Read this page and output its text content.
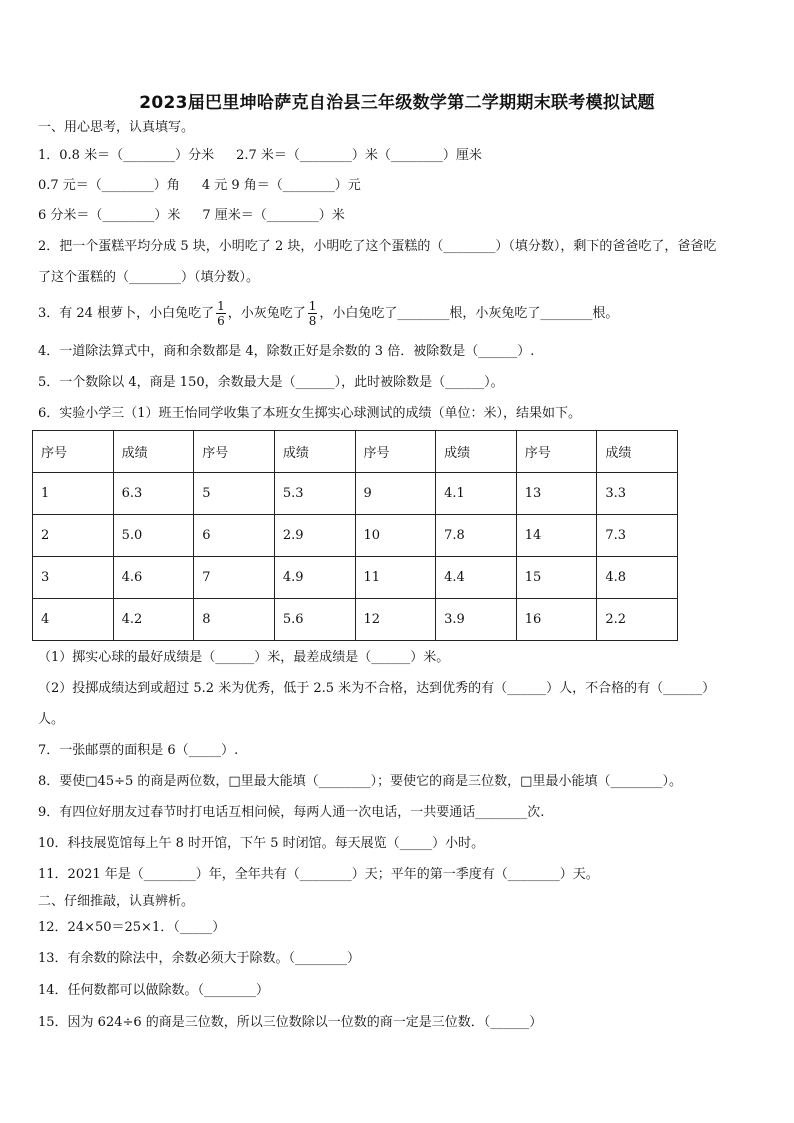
2023届巴里坤哈萨克自治县三年级数学第二学期期末联考模拟试题
一、用心思考，认真填写。
1．0.8 米＝（________）分米 2.7 米＝（________）米（________）厘米
0.7 元＝（________）角 4 元 9 角＝（________）元
6 分米＝（________）米 7 厘米＝（________）米
2．把一个蛋糕平均分成 5 块，小明吃了 2 块，小明吃了这个蛋糕的（________）（填分数），剩下的爸爸吃了，爸爸吃
了这个蛋糕的（________）（填分数）。
3．有 24 根萝卜，小白兔吃了 $\frac{1}{6}$ ，小灰兔吃了 $\frac{1}{8}$ ，小白兔吃了________根，小灰兔吃了________根。
4．一道除法算式中，商和余数都是 4，除数正好是余数的 3 倍．被除数是（______）.
5．一个数除以 4，商是 150，余数最大是（______），此时被除数是（______）。
6．实验小学三（1）班王怡同学收集了本班女生掷实心球测试的成绩（单位：米），结果如下。
序号	成绩	序号	成绩	序号	成绩	序号	成绩
1	6.3	5	5.3	9	4.1	13	3.3
2	5.0	6	2.9	10	7.8	14	7.3
3	4.6	7	4.9	11	4.4	15	4.8
4	4.2	8	5.6	12	3.9	16	2.2
（1）掷实心球的最好成绩是（______）米，最差成绩是（______）米。
（2）投掷成绩达到或超过 5.2 米为优秀，低于 2.5 米为不合格，达到优秀的有（______）人，不合格的有（______）
人。
7．一张邮票的面积是 6（_____）.
8．要使□45÷5 的商是两位数，□里最大能填（________）；要使它的商是三位数，□里最小能填（________）。
9．有四位好朋友过春节时打电话互相问候，每两人通一次电话，一共要通话________次.
10．科技展览馆每上午 8 时开馆，下午 5 时闭馆。每天展览（_____）小时。
11．2021 年是（________）年，全年共有（________）天；平年的第一季度有（________）天。
二、仔细推敲，认真辨析。
12．24×50＝25×1．（_____）
13．有余数的除法中，余数必须大于除数。（________）
14．任何数都可以做除数。（________）
15．因为 624÷6 的商是三位数，所以三位数除以一位数的商一定是三位数．（______）
